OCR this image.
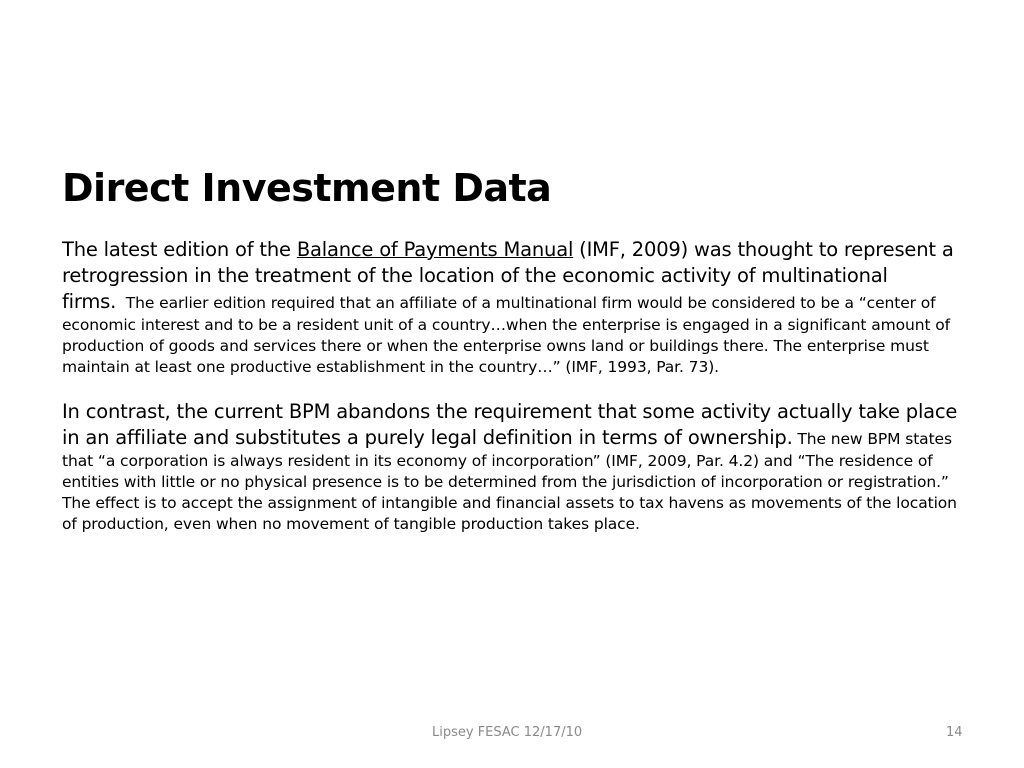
Direct Investment Data

The latest edition of the Balance of Payments Manual (IMF, 2009) was thought to represent a retrogression in the treatment of the location of the economic activity of multinational firms. The earlier edition required that an affiliate of a multinational firm would be considered to be a “center of economic interest and to be a resident unit of a country…when the enterprise is engaged in a significant amount of production of goods and services there or when the enterprise owns land or buildings there. The enterprise must maintain at least one productive establishment in the country…” (IMF, 1993, Par. 73).

In contrast, the current BPM abandons the requirement that some activity actually take place in an affiliate and substitutes a purely legal definition in terms of ownership. The new BPM states that “a corporation is always resident in its economy of incorporation” (IMF, 2009, Par. 4.2) and “The residence of entities with little or no physical presence is to be determined from the jurisdiction of incorporation or registration.” The effect is to accept the assignment of intangible and financial assets to tax havens as movements of the location of production, even when no movement of tangible production takes place.

Lipsey FESAC 12/17/10	14
